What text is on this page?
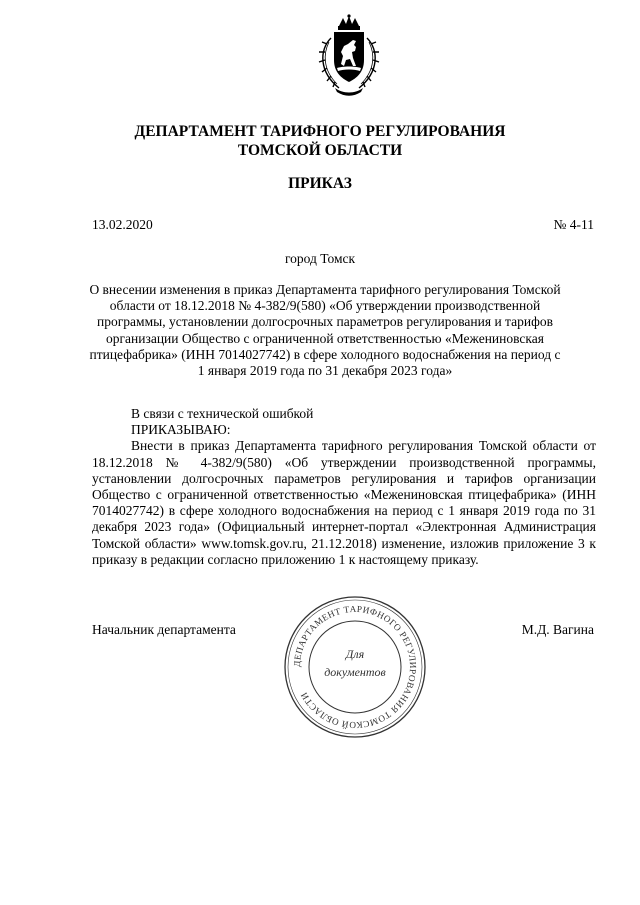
ДЕПАРТАМЕНТ ТАРИФНОГО РЕГУЛИРОВАНИЯ
ТОМСКОЙ ОБЛАСТИ
ПРИКАЗ
13.02.2020	№ 4-11
город Томск
О внесении изменения в приказ Департамента тарифного регулирования Томской области от 18.12.2018 № 4-382/9(580) «Об утверждении производственной программы, установлении долгосрочных параметров регулирования и тарифов организации Общество с ограниченной ответственностью «Межениновская птицефабрика» (ИНН 7014027742) в сфере холодного водоснабжения на период с 1 января 2019 года по 31 декабря 2023 года»
В связи с технической ошибкой
ПРИКАЗЫВАЮ:
Внести в приказ Департамента тарифного регулирования Томской области от 18.12.2018 № 4-382/9(580) «Об утверждении производственной программы, установлении долгосрочных параметров регулирования и тарифов организации Общество с ограниченной ответственностью «Межениновская птицефабрика» (ИНН 7014027742) в сфере холодного водоснабжения на период с 1 января 2019 года по 31 декабря 2023 года» (Официальный интернет-портал «Электронная Администрация Томской области» www.tomsk.gov.ru, 21.12.2018) изменение, изложив приложение 3 к приказу в редакции согласно приложению 1 к настоящему приказу.
Начальник департамента	М.Д. Вагина
ДЕПАРТАМЕНТ ТАРИФНОГО РЕГУЛИРОВАНИЯ ТОМСКОЙ ОБЛАСТИ
Для
документов
